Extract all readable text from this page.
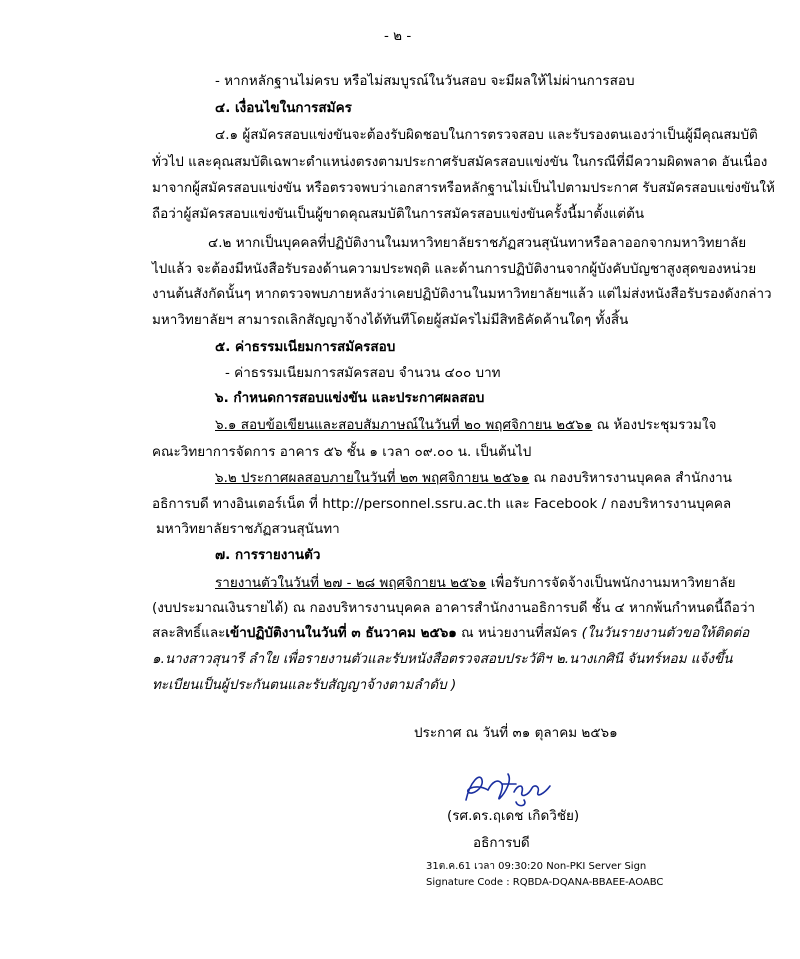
- ๒ -
- หากหลักฐานไม่ครบ หรือไม่สมบูรณ์ในวันสอบ จะมีผลให้ไม่ผ่านการสอบ
๔. เงื่อนไขในการสมัคร
๔.๑ ผู้สมัครสอบแข่งขันจะต้องรับผิดชอบในการตรวจสอบ และรับรองตนเองว่าเป็นผู้มีคุณสมบัติ
ทั่วไป และคุณสมบัติเฉพาะตำแหน่งตรงตามประกาศรับสมัครสอบแข่งขัน ในกรณีที่มีความผิดพลาด อันเนื่อง
มาจากผู้สมัครสอบแข่งขัน หรือตรวจพบว่าเอกสารหรือหลักฐานไม่เป็นไปตามประกาศ รับสมัครสอบแข่งขันให้
ถือว่าผู้สมัครสอบแข่งขันเป็นผู้ขาดคุณสมบัติในการสมัครสอบแข่งขันครั้งนี้มาตั้งแต่ต้น
๔.๒ หากเป็นบุคคลที่ปฏิบัติงานในมหาวิทยาลัยราชภัฏสวนสุนันทาหรือลาออกจากมหาวิทยาลัย
ไปแล้ว จะต้องมีหนังสือรับรองด้านความประพฤติ และด้านการปฏิบัติงานจากผู้บังคับบัญชาสูงสุดของหน่วย
งานต้นสังกัดนั้นๆ หากตรวจพบภายหลังว่าเคยปฏิบัติงานในมหาวิทยาลัยฯแล้ว แต่ไม่ส่งหนังสือรับรองดังกล่าว
มหาวิทยาลัยฯ สามารถเลิกสัญญาจ้างได้ทันทีโดยผู้สมัครไม่มีสิทธิคัดค้านใดๆ ทั้งสิ้น
๕. ค่าธรรมเนียมการสมัครสอบ
- ค่าธรรมเนียมการสมัครสอบ จำนวน ๔๐๐ บาท
๖. กำหนดการสอบแข่งขัน และประกาศผลสอบ
๖.๑ สอบข้อเขียนและสอบสัมภาษณ์ในวันที่ ๒๐ พฤศจิกายน ๒๕๖๑ ณ ห้องประชุมรวมใจ
คณะวิทยาการจัดการ อาคาร ๕๖ ชั้น ๑ เวลา ๐๙.๐๐ น. เป็นต้นไป
๖.๒ ประกาศผลสอบภายในวันที่ ๒๓ พฤศจิกายน ๒๕๖๑ ณ กองบริหารงานบุคคล สำนักงาน
อธิการบดี ทางอินเตอร์เน็ต ที่ http://personnel.ssru.ac.th และ Facebook / กองบริหารงานบุคคล
มหาวิทยาลัยราชภัฏสวนสุนันทา
๗. การรายงานตัว
รายงานตัวในวันที่ ๒๗ - ๒๘ พฤศจิกายน ๒๕๖๑ เพื่อรับการจัดจ้างเป็นพนักงานมหาวิทยาลัย
(งบประมาณเงินรายได้) ณ กองบริหารงานบุคคล อาคารสำนักงานอธิการบดี ชั้น ๔ หากพ้นกำหนดนี้ถือว่า
สละสิทธิ์และเข้าปฏิบัติงานในวันที่ ๓ ธันวาคม ๒๕๖๑ ณ หน่วยงานที่สมัคร (ในวันรายงานตัวขอให้ติดต่อ
๑.นางสาวสุนารี ลำใย เพื่อรายงานตัวและรับหนังสือตรวจสอบประวัติฯ ๒.นางเกศินี จันทร์หอม แจ้งขึ้น
ทะเบียนเป็นผู้ประกันตนและรับสัญญาจ้างตามลำดับ )
ประกาศ ณ วันที่ ๓๑ ตุลาคม ๒๕๖๑
(รศ.ดร.ฤเดช เกิดวิชัย)
อธิการบดี
31ต.ค.61 เวลา 09:30:20 Non-PKI Server Sign
Signature Code : RQBDA-DQANA-BBAEE-AOABC
